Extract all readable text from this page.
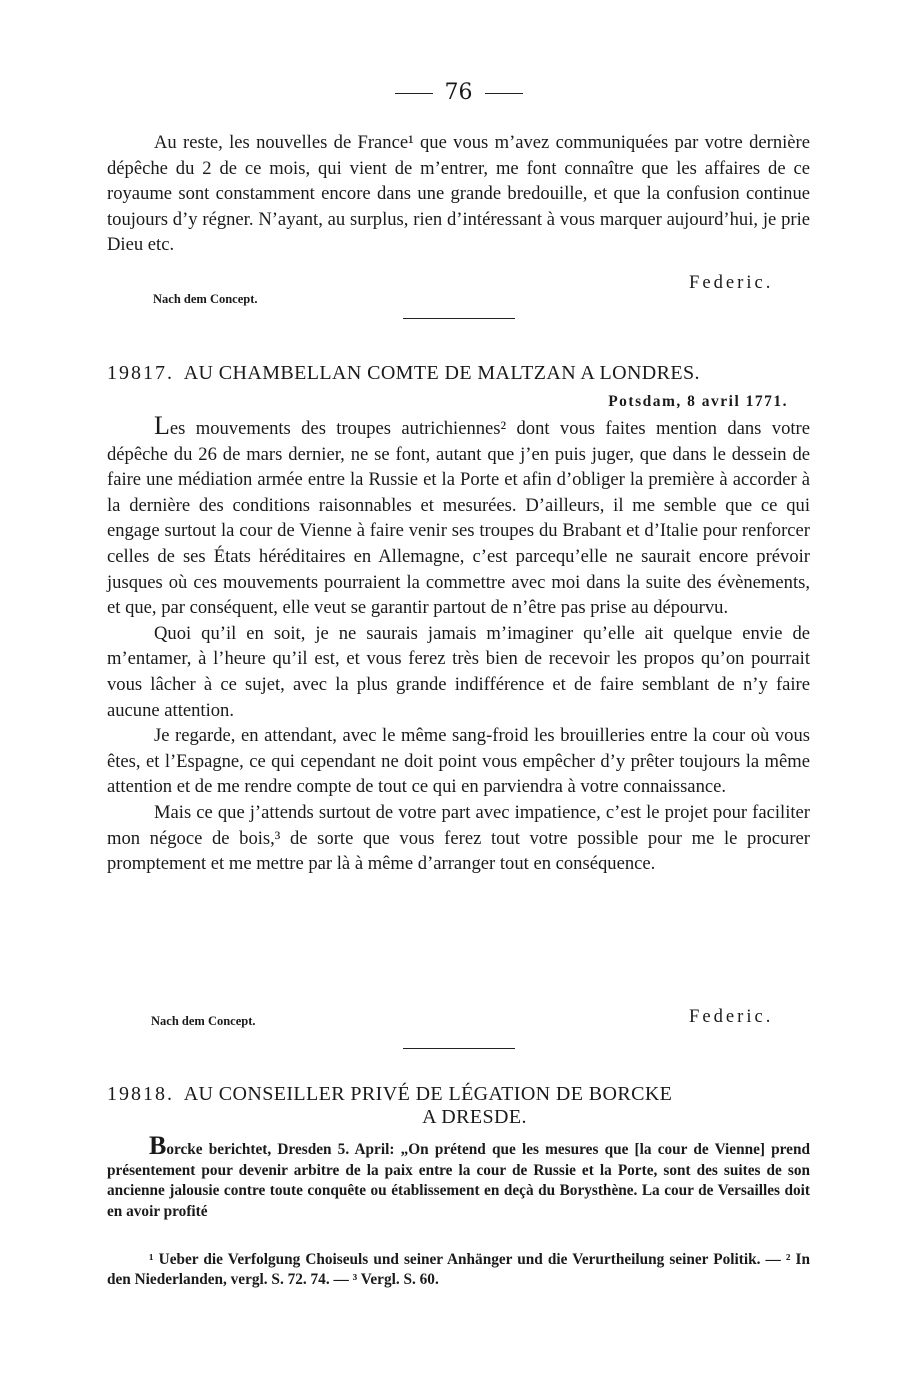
76

Au reste, les nouvelles de France¹ que vous m’avez communiquées par votre dernière dépêche du 2 de ce mois, qui vient de m’entrer, me font connaître que les affaires de ce royaume sont constamment encore dans une grande bredouille, et que la confusion continue toujours d’y régner. N’ayant, au surplus, rien d’intéressant à vous marquer aujourd’hui, je prie Dieu etc.

Nach dem Concept.
Federic.
19817. AU CHAMBELLAN COMTE DE MALTZAN A LONDRES.
Potsdam, 8 avril 1771.

Les mouvements des troupes autrichiennes² dont vous faites mention dans votre dépêche du 26 de mars dernier, ne se font, autant que j’en puis juger, que dans le dessein de faire une médiation armée entre la Russie et la Porte et afin d’obliger la première à accorder à la dernière des conditions raisonnables et mesurées. D’ailleurs, il me semble que ce qui engage surtout la cour de Vienne à faire venir ses troupes du Brabant et d’Italie pour renforcer celles de ses États héréditaires en Allemagne, c’est parcequ’elle ne saurait encore prévoir jusques où ces mouvements pourraient la commettre avec moi dans la suite des évènements, et que, par conséquent, elle veut se garantir partout de n’être pas prise au dépourvu.

Quoi qu’il en soit, je ne saurais jamais m’imaginer qu’elle ait quelque envie de m’entamer, à l’heure qu’il est, et vous ferez très bien de recevoir les propos qu’on pourrait vous lâcher à ce sujet, avec la plus grande indifférence et de faire semblant de n’y faire aucune attention.

Je regarde, en attendant, avec le même sang-froid les brouilleries entre la cour où vous êtes, et l’Espagne, ce qui cependant ne doit point vous empêcher d’y prêter toujours la même attention et de me rendre compte de tout ce qui en parviendra à votre connaissance.

Mais ce que j’attends surtout de votre part avec impatience, c’est le projet pour faciliter mon négoce de bois,³ de sorte que vous ferez tout votre possible pour me le procurer promptement et me mettre par là à même d’arranger tout en conséquence.

Nach dem Concept.	Federic.
19818. AU CONSEILLER PRIVÉ DE LÉGATION DE BORCKE
A DRESDE.

Borcke berichtet, Dresden 5. April: „On prétend que les mesures que [la cour de Vienne] prend présentement pour devenir arbitre de la paix entre la cour de Russie et la Porte, sont des suites de son ancienne jalousie contre toute conquête ou établissement en deçà du Borysthène. La cour de Versailles doit en avoir profité

¹ Ueber die Verfolgung Choiseuls und seiner Anhänger und die Verurtheilung seiner Politik. — ² In den Niederlanden, vergl. S. 72. 74. — ³ Vergl. S. 60.
